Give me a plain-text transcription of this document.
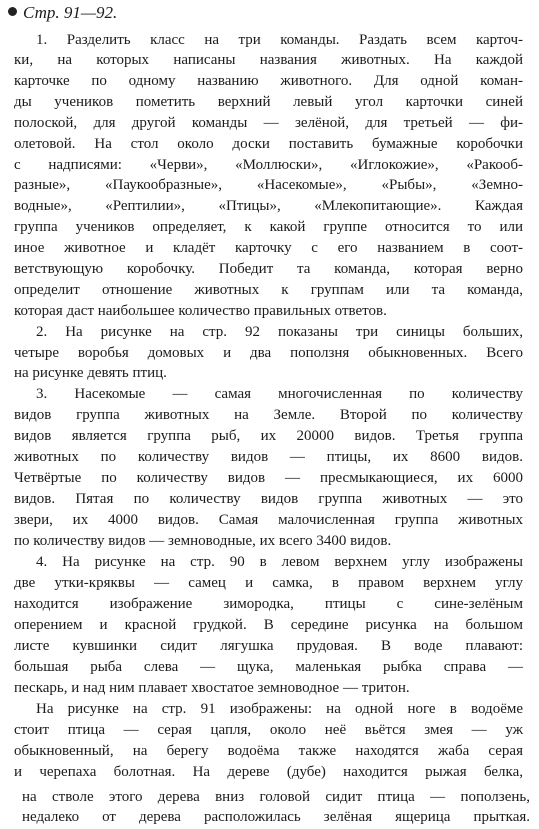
Стр. 91—92.
1. Разделить класс на три команды. Раздать всем карточ-
ки, на которых написаны названия животных. На каждой
карточке по одному названию животного. Для одной коман-
ды учеников пометить верхний левый угол карточки синей
полоской, для другой команды — зелёной, для третьей — фи-
олетовой. На стол около доски поставить бумажные коробочки
с надписями: «Черви», «Моллюски», «Иглокожие», «Ракооб-
разные», «Паукообразные», «Насекомые», «Рыбы», «Земно-
водные», «Рептилии», «Птицы», «Млекопитающие». Каждая
группа учеников определяет, к какой группе относится то или
иное животное и кладёт карточку с его названием в соот-
ветствующую коробочку. Победит та команда, которая верно
определит отношение животных к группам или та команда,
которая даст наибольшее количество правильных ответов.
2. На рисунке на стр. 92 показаны три синицы больших,
четыре воробья домовых и два поползня обыкновенных. Всего
на рисунке девять птиц.
3. Насекомые — самая многочисленная по количеству
видов группа животных на Земле. Второй по количеству
видов является группа рыб, их 20000 видов. Третья группа
животных по количеству видов — птицы, их 8600 видов.
Четвёртые по количеству видов — пресмыкающиеся, их 6000
видов. Пятая по количеству видов группа животных — это
звери, их 4000 видов. Самая малочисленная группа животных
по количеству видов — земноводные, их всего 3400 видов.
4. На рисунке на стр. 90 в левом верхнем углу изображены
две утки-кряквы — самец и самка, в правом верхнем углу
находится изображение зимородка, птицы с сине-зелёным
оперением и красной грудкой. В середине рисунка на большом
листе кувшинки сидит лягушка прудовая. В воде плавают:
большая рыба слева — щука, маленькая рыбка справа —
пескарь, и над ним плавает хвостатое земноводное — тритон.
На рисунке на стр. 91 изображены: на одной ноге в водоёме
стоит птица — серая цапля, около неё вьётся змея — уж
обыкновенный, на берегу водоёма также находятся жаба серая
и черепаха болотная. На дереве (дубе) находится рыжая белка,
на стволе этого дерева вниз головой сидит птица — поползень,
недалеко от дерева расположилась зелёная ящерица прыткая.
